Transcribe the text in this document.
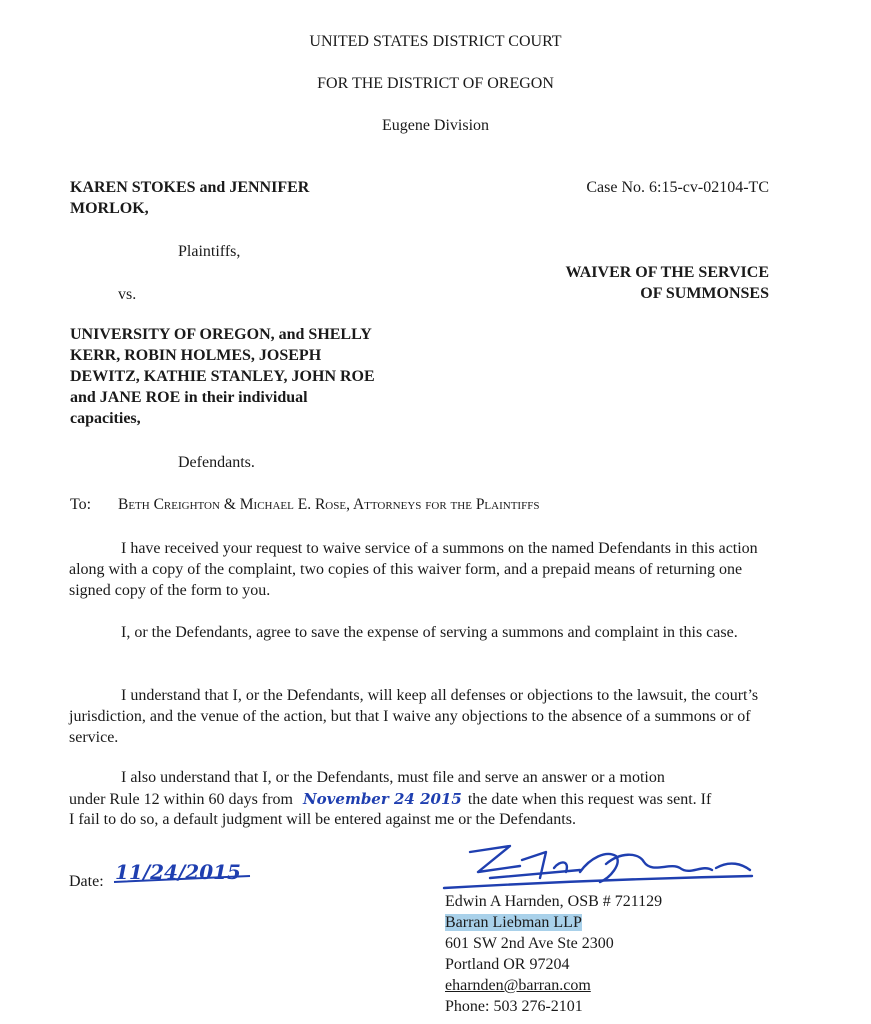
UNITED STATES DISTRICT COURT
FOR THE DISTRICT OF OREGON
Eugene Division
KAREN STOKES and JENNIFER
MORLOK,
Plaintiffs,
vs.
UNIVERSITY OF OREGON, and SHELLY
KERR, ROBIN HOLMES, JOSEPH
DEWITZ, KATHIE STANLEY, JOHN ROE
and JANE ROE in their individual
capacities,
Defendants.
Case No. 6:15-cv-02104-TC
WAIVER OF THE SERVICE
OF SUMMONSES
To: Beth Creighton & Michael E. Rose, Attorneys for the Plaintiffs
I have received your request to waive service of a summons on the named Defendants in this action along with a copy of the complaint, two copies of this waiver form, and a prepaid means of returning one signed copy of the form to you.
I, or the Defendants, agree to save the expense of serving a summons and complaint in this case.
I understand that I, or the Defendants, will keep all defenses or objections to the lawsuit, the court’s jurisdiction, and the venue of the action, but that I waive any objections to the absence of a summons or of service.
I also understand that I, or the Defendants, must file and serve an answer or a motion
under Rule 12 within 60 days from November 24 2015 the date when this request was sent. If
I fail to do so, a default judgment will be entered against me or the Defendants.
Date: 11/24/2015
Edwin A Harnden, OSB # 721129
Barran Liebman LLP
601 SW 2nd Ave Ste 2300
Portland OR 97204
eharnden@barran.com
Phone: 503 276-2101
